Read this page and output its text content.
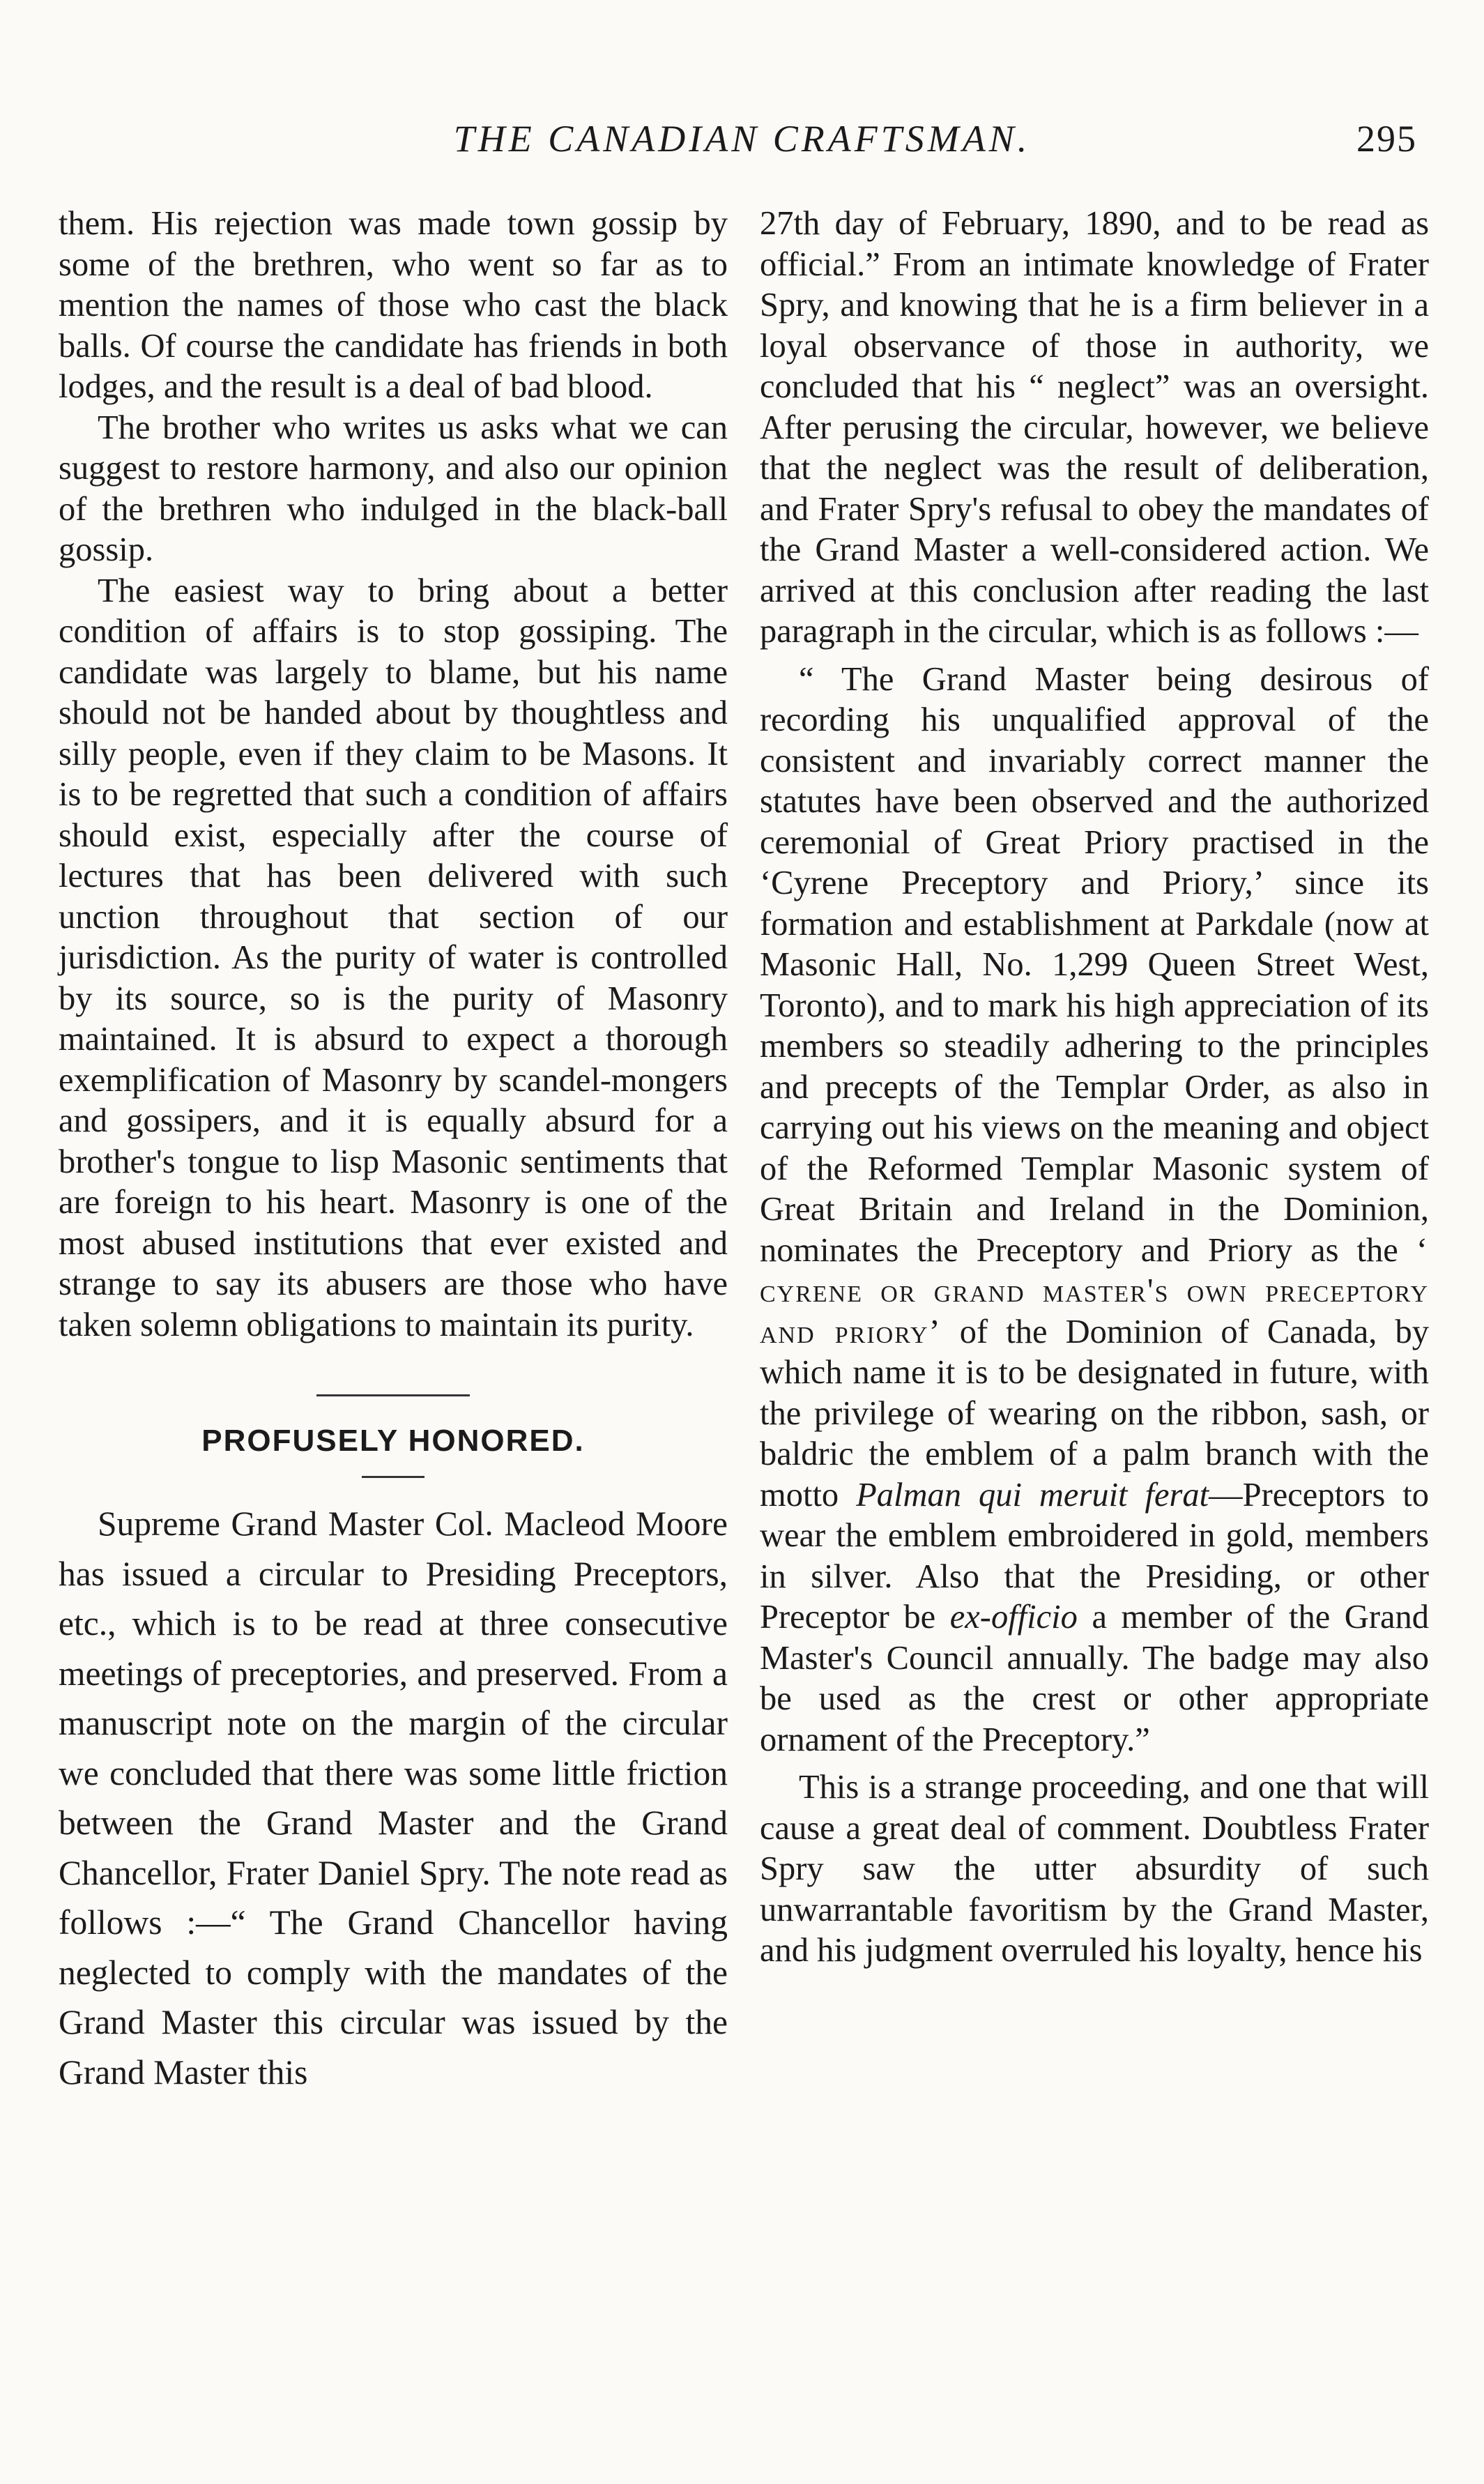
THE CANADIAN CRAFTSMAN.	295

them. His rejection was made town gossip by some of the brethren, who went so far as to mention the names of those who cast the black balls. Of course the candidate has friends in both lodges, and the result is a deal of bad blood.

The brother who writes us asks what we can suggest to restore harmony, and also our opinion of the brethren who indulged in the black-ball gossip.

The easiest way to bring about a better condition of affairs is to stop gossiping. The candidate was largely to blame, but his name should not be handed about by thoughtless and silly people, even if they claim to be Masons. It is to be regretted that such a condition of affairs should exist, especially after the course of lectures that has been delivered with such unction throughout that section of our jurisdiction. As the purity of water is controlled by its source, so is the purity of Masonry maintained. It is absurd to expect a thorough exemplification of Masonry by scandel-mongers and gossipers, and it is equally absurd for a brother's tongue to lisp Masonic sentiments that are foreign to his heart. Masonry is one of the most abused institutions that ever existed and strange to say its abusers are those who have taken solemn obligations to maintain its purity.

PROFUSELY HONORED.

Supreme Grand Master Col. Macleod Moore has issued a circular to Presiding Preceptors, etc., which is to be read at three consecutive meetings of preceptories, and preserved. From a manuscript note on the margin of the circular we concluded that there was some little friction between the Grand Master and the Grand Chancellor, Frater Daniel Spry. The note read as follows :—“ The Grand Chancellor having neglected to comply with the mandates of the Grand Master this circular was issued by the Grand Master this

27th day of February, 1890, and to be read as official.” From an intimate knowledge of Frater Spry, and knowing that he is a firm believer in a loyal observance of those in authority, we concluded that his “ neglect” was an oversight. After perusing the circular, however, we believe that the neglect was the result of deliberation, and Frater Spry's refusal to obey the mandates of the Grand Master a well-considered action. We arrived at this conclusion after reading the last paragraph in the circular, which is as follows :—

“ The Grand Master being desirous of recording his unqualified approval of the consistent and invariably correct manner the statutes have been observed and the authorized ceremonial of Great Priory practised in the ‘Cyrene Preceptory and Priory,’ since its formation and establishment at Parkdale (now at Masonic Hall, No. 1,299 Queen Street West, Toronto), and to mark his high appreciation of its members so steadily adhering to the principles and precepts of the Templar Order, as also in carrying out his views on the meaning and object of the Reformed Templar Masonic system of Great Britain and Ireland in the Dominion, nominates the Preceptory and Priory as the ‘ cyrene or grand master's own preceptory and priory’ of the Dominion of Canada, by which name it is to be designated in future, with the privilege of wearing on the ribbon, sash, or baldric the emblem of a palm branch with the motto Palman qui meruit ferat—Preceptors to wear the emblem embroidered in gold, members in silver. Also that the Presiding, or other Preceptor be ex-officio a member of the Grand Master's Council annually. The badge may also be used as the crest or other appropriate ornament of the Preceptory.”

This is a strange proceeding, and one that will cause a great deal of comment. Doubtless Frater Spry saw the utter absurdity of such unwarrantable favoritism by the Grand Master, and his judgment overruled his loyalty, hence his
